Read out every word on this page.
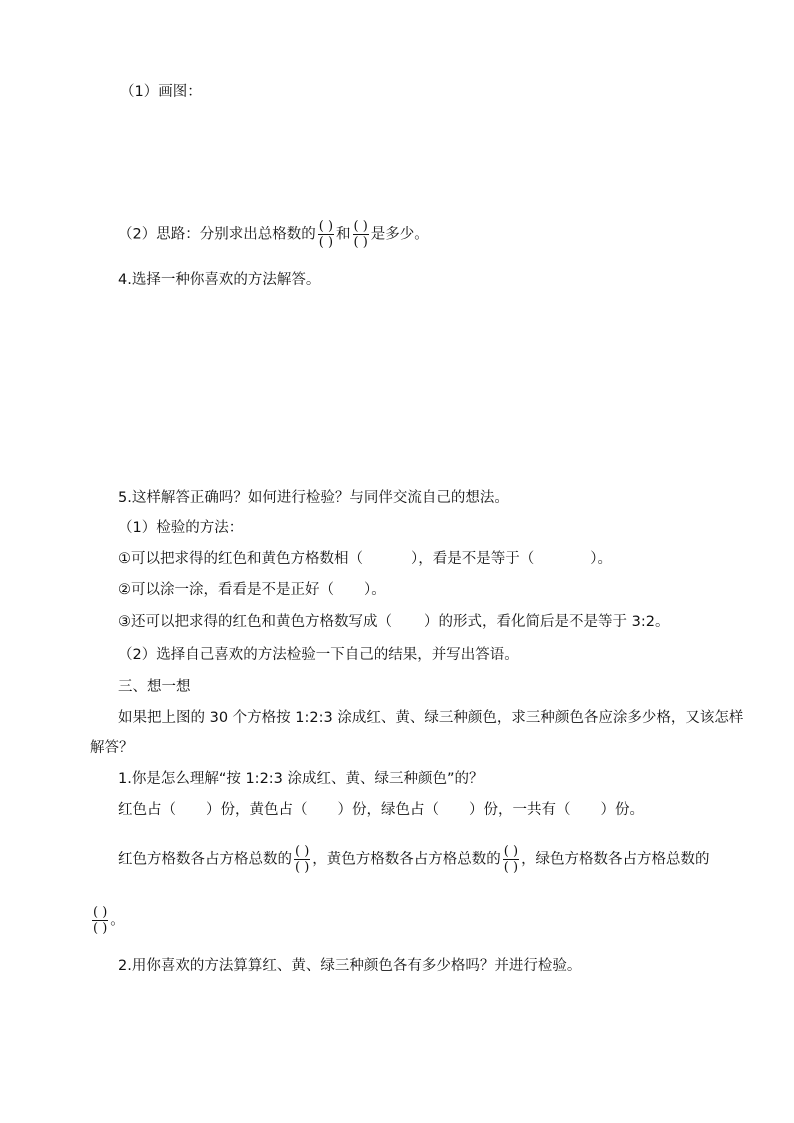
（1）画图：
（2）思路：分别求出总格数的 $\frac{( )}{( )}$ 和 $\frac{( )}{( )}$ 是多少。
4.选择一种你喜欢的方法解答。
5.这样解答正确吗？如何进行检验？与同伴交流自己的想法。
（1）检验的方法：
①可以把求得的红色和黄色方格数相（	），看是不是等于（	）。
②可以涂一涂，看看是不是正好（ ）。
③还可以把求得的红色和黄色方格数写成（ ）的形式，看化简后是不是等于 3:2。
（2）选择自己喜欢的方法检验一下自己的结果，并写出答语。
三、想一想
如果把上图的 30 个方格按 1:2:3 涂成红、黄、绿三种颜色，求三种颜色各应涂多少格，又该怎样
解答？
1.你是怎么理解“按 1:2:3 涂成红、黄、绿三种颜色”的？
红色占（ ）份，黄色占（ ）份，绿色占（ ）份，一共有（ ）份。
红色方格数各占方格总数的 $\frac{( )}{( )}$ ，黄色方格数各占方格总数的 $\frac{( )}{( )}$ ，绿色方格数各占方格总数的
$\frac{( )}{( )}$ 。
2.用你喜欢的方法算算红、黄、绿三种颜色各有多少格吗？并进行检验。
